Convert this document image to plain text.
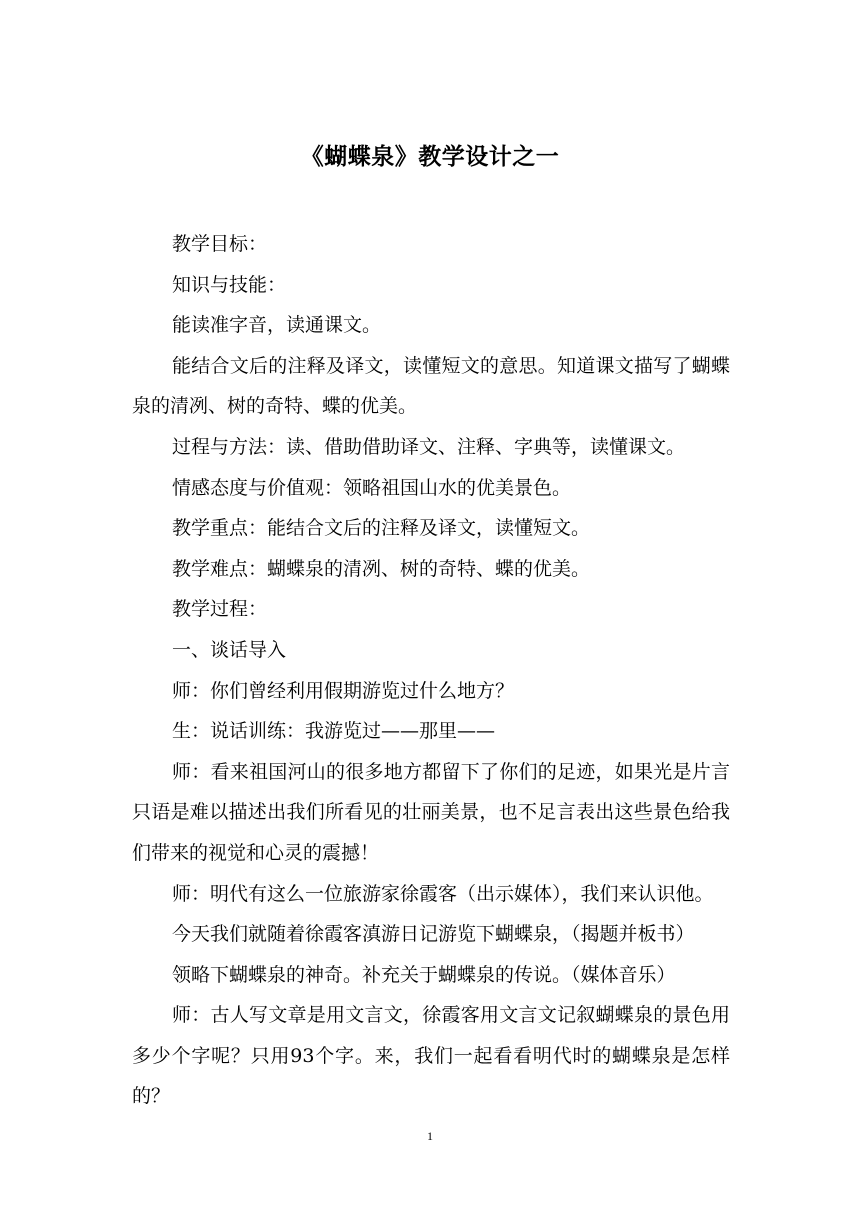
《蝴蝶泉》教学设计之一

教学目标：

知识与技能：

能读准字音，读通课文。

能结合文后的注释及译文，读懂短文的意思。知道课文描写了蝴蝶泉的清冽、树的奇特、蝶的优美。

过程与方法：读、借助借助译文、注释、字典等，读懂课文。

情感态度与价值观：领略祖国山水的优美景色。

教学重点：能结合文后的注释及译文，读懂短文。

教学难点：蝴蝶泉的清冽、树的奇特、蝶的优美。

教学过程：

一、谈话导入

师：你们曾经利用假期游览过什么地方？

生：说话训练：我游览过——那里——

师：看来祖国河山的很多地方都留下了你们的足迹，如果光是片言只语是难以描述出我们所看见的壮丽美景，也不足言表出这些景色给我们带来的视觉和心灵的震撼！

师：明代有这么一位旅游家徐霞客（出示媒体），我们来认识他。

今天我们就随着徐霞客滇游日记游览下蝴蝶泉，（揭题并板书）

领略下蝴蝶泉的神奇。补充关于蝴蝶泉的传说。（媒体音乐）

师：古人写文章是用文言文，徐霞客用文言文记叙蝴蝶泉的景色用多少个字呢？只用93个字。来，我们一起看看明代时的蝴蝶泉是怎样的？

1
